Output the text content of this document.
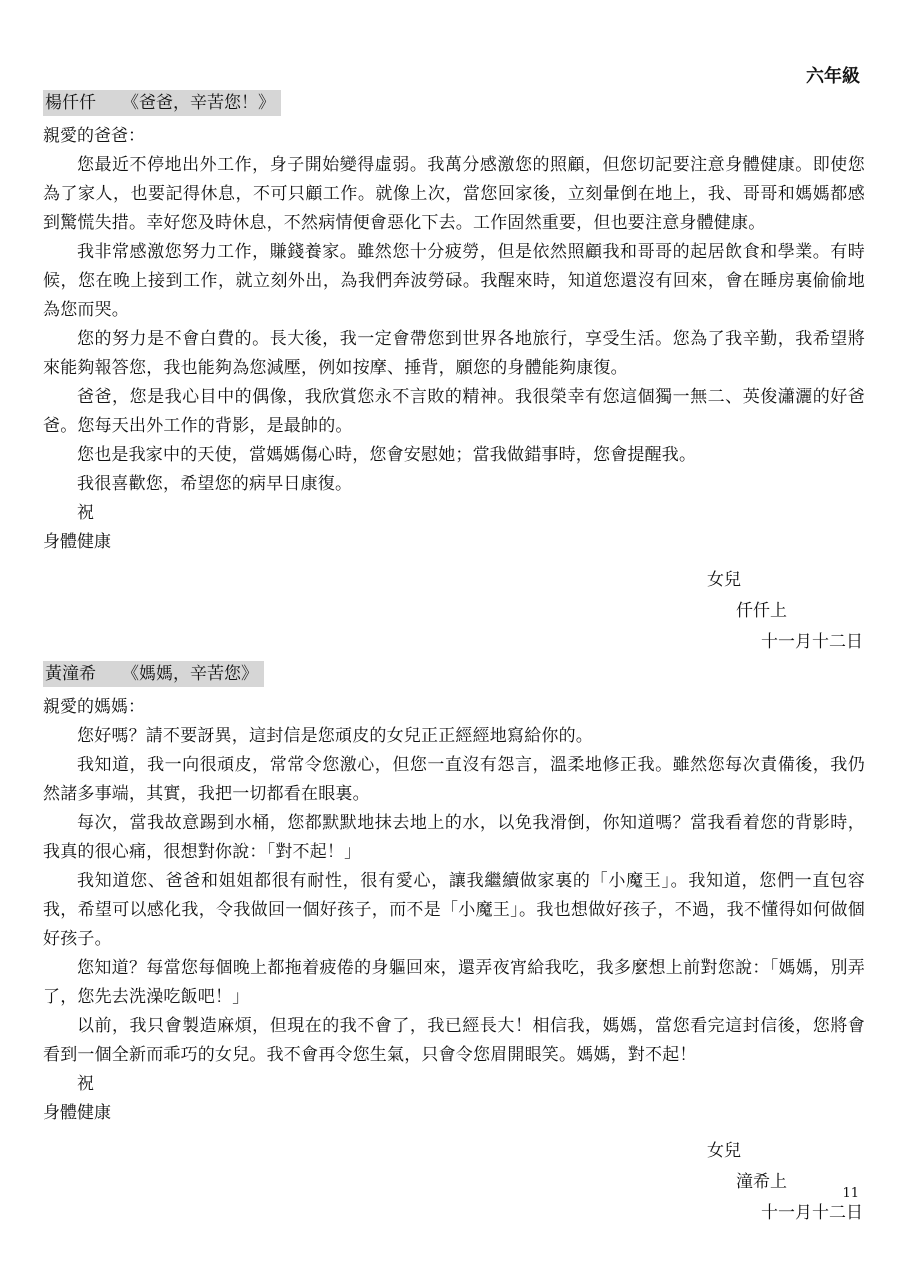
六年級
楊仟仟 《爸爸，辛苦您！》
親愛的爸爸：

您最近不停地出外工作，身子開始變得虛弱。我萬分感激您的照顧，但您切記要注意身體健康。即使您為了家人，也要記得休息，不可只顧工作。就像上次，當您回家後，立刻暈倒在地上，我、哥哥和媽媽都感到驚慌失措。幸好您及時休息，不然病情便會惡化下去。工作固然重要，但也要注意身體健康。

我非常感激您努力工作，賺錢養家。雖然您十分疲勞，但是依然照顧我和哥哥的起居飲食和學業。有時候，您在晚上接到工作，就立刻外出，為我們奔波勞碌。我醒來時，知道您還沒有回來，會在睡房裏偷偷地為您而哭。

您的努力是不會白費的。長大後，我一定會帶您到世界各地旅行，享受生活。您為了我辛勤，我希望將來能夠報答您，我也能夠為您減壓，例如按摩、捶背，願您的身體能夠康復。

爸爸，您是我心目中的偶像，我欣賞您永不言敗的精神。我很榮幸有您這個獨一無二、英俊瀟灑的好爸爸。您每天出外工作的背影，是最帥的。

您也是我家中的天使，當媽媽傷心時，您會安慰她；當我做錯事時，您會提醒我。

我很喜歡您，希望您的病早日康復。

祝
身體健康
女兒
仟仟上
十一月十二日
黃潼希 《媽媽，辛苦您》
親愛的媽媽：

您好嗎？請不要訝異，這封信是您頑皮的女兒正正經經地寫給你的。

我知道，我一向很頑皮，常常令您激心，但您一直沒有怨言，溫柔地修正我。雖然您每次責備後，我仍然諸多事端，其實，我把一切都看在眼裏。

每次，當我故意踢到水桶，您都默默地抹去地上的水，以免我滑倒，你知道嗎？當我看着您的背影時，我真的很心痛，很想對你說：「對不起！」

我知道您、爸爸和姐姐都很有耐性，很有愛心，讓我繼續做家裏的「小魔王」。我知道，您們一直包容我，希望可以感化我，令我做回一個好孩子，而不是「小魔王」。我也想做好孩子，不過，我不懂得如何做個好孩子。

您知道？每當您每個晚上都拖着疲倦的身軀回來，還弄夜宵給我吃，我多麼想上前對您說：「媽媽，別弄了，您先去洗澡吃飯吧！」

以前，我只會製造麻煩，但現在的我不會了，我已經長大！相信我，媽媽，當您看完這封信後，您將會看到一個全新而乖巧的女兒。我不會再令您生氣，只會令您眉開眼笑。媽媽，對不起！

祝
身體健康
女兒
潼希上
十一月十二日
11
